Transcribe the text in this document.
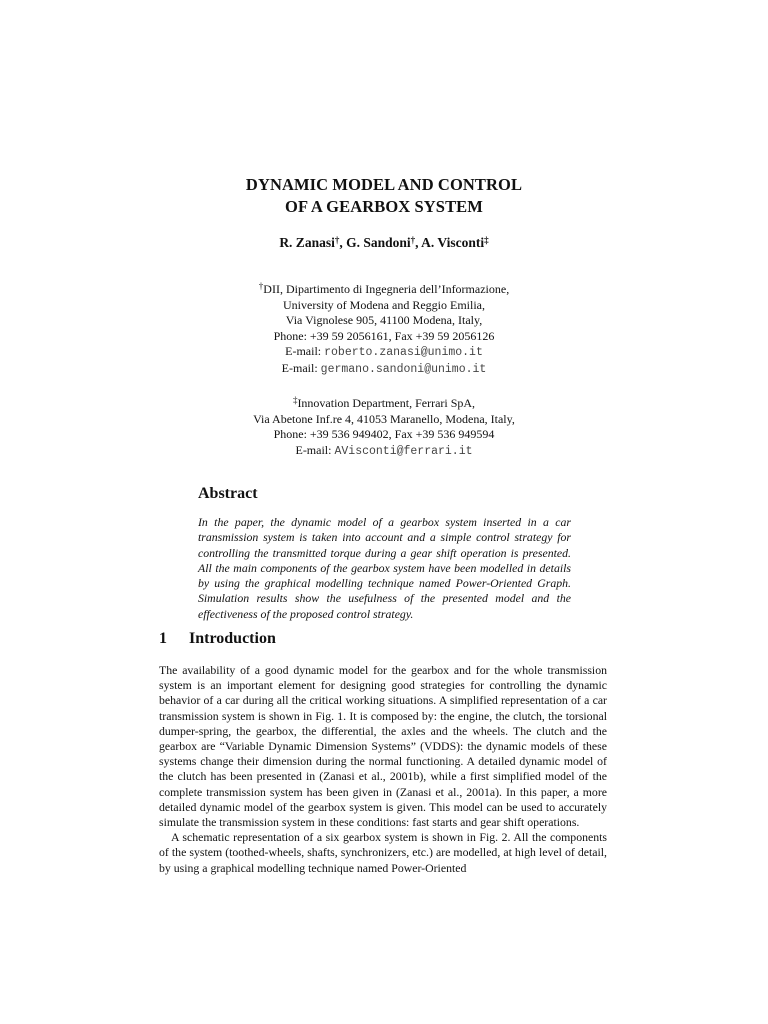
DYNAMIC MODEL AND CONTROL
OF A GEARBOX SYSTEM
R. Zanasi†, G. Sandoni†, A. Visconti‡
†DII, Dipartimento di Ingegneria dell’Informazione,
University of Modena and Reggio Emilia,
Via Vignolese 905, 41100 Modena, Italy,
Phone: +39 59 2056161, Fax +39 59 2056126
E-mail: roberto.zanasi@unimo.it
E-mail: germano.sandoni@unimo.it
‡Innovation Department, Ferrari SpA,
Via Abetone Inf.re 4, 41053 Maranello, Modena, Italy,
Phone: +39 536 949402, Fax +39 536 949594
E-mail: AVisconti@ferrari.it
Abstract
In the paper, the dynamic model of a gearbox system inserted in a car transmission system is taken into account and a simple control strategy for controlling the transmitted torque during a gear shift operation is presented. All the main components of the gearbox system have been modelled in details by using the graphical modelling technique named Power-Oriented Graph. Simulation results show the usefulness of the presented model and the effectiveness of the proposed control strategy.
1 Introduction

The availability of a good dynamic model for the gearbox and for the whole transmission system is an important element for designing good strategies for controlling the dynamic behavior of a car during all the critical working situations. A simplified representation of a car transmission system is shown in Fig. 1. It is composed by: the engine, the clutch, the torsional dumper-spring, the gearbox, the differential, the axles and the wheels. The clutch and the gearbox are “Variable Dynamic Dimension Systems” (VDDS): the dynamic models of these systems change their dimension during the normal functioning. A detailed dynamic model of the clutch has been presented in (Zanasi et al., 2001b), while a first simplified model of the complete transmission system has been given in (Zanasi et al., 2001a). In this paper, a more detailed dynamic model of the gearbox system is given. This model can be used to accurately simulate the transmission system in these conditions: fast starts and gear shift operations.

A schematic representation of a six gearbox system is shown in Fig. 2. All the components of the system (toothed-wheels, shafts, synchronizers, etc.) are modelled, at high level of detail, by using a graphical modelling technique named Power-Oriented
